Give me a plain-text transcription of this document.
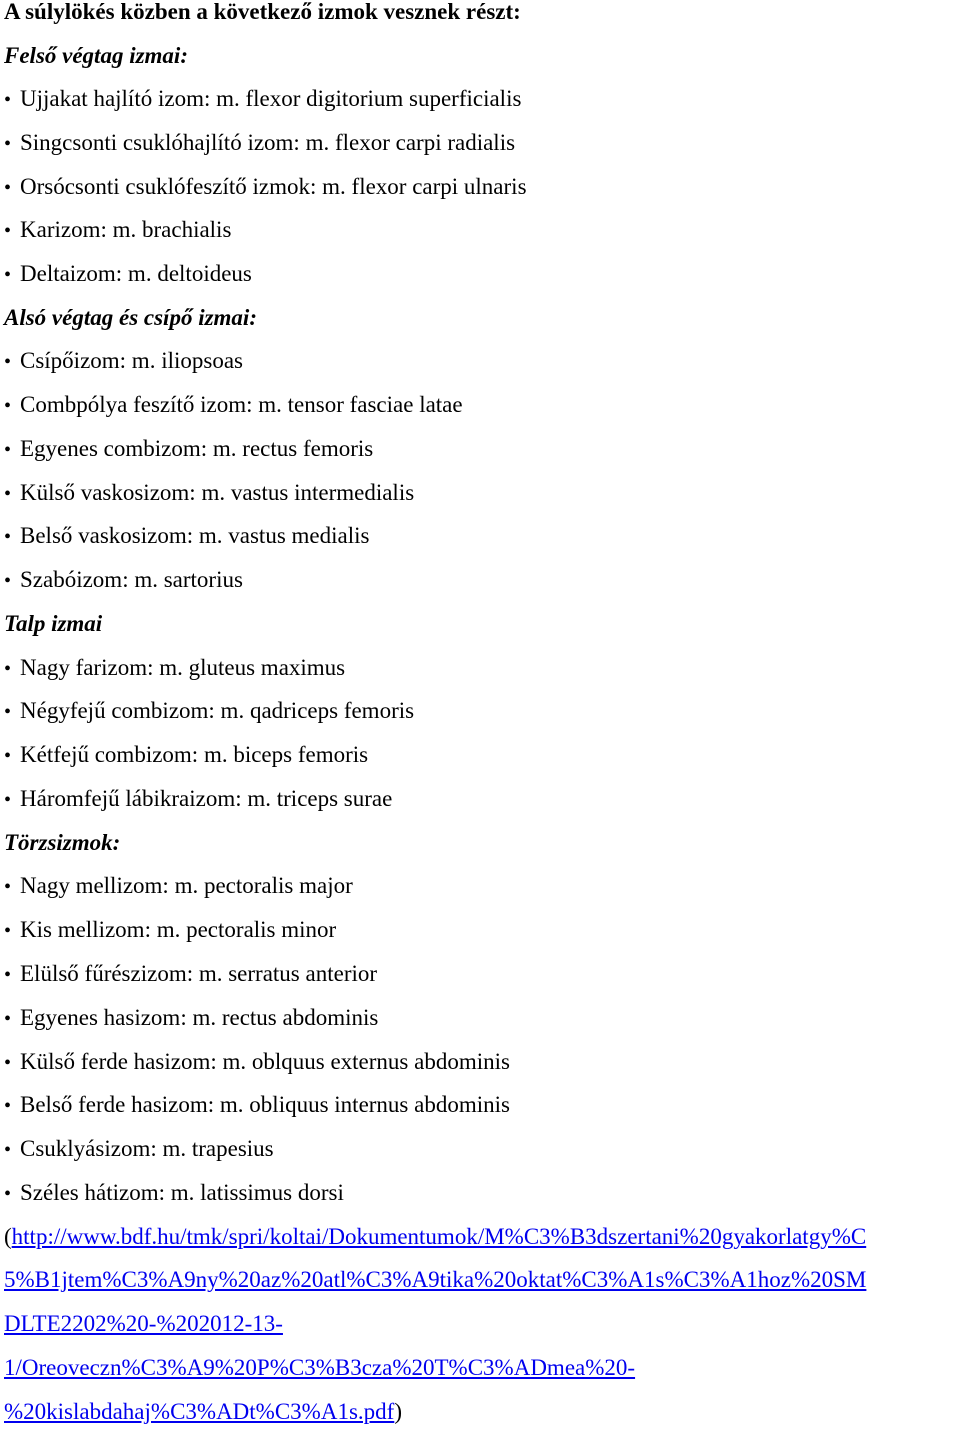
A súlylökés közben a következő izmok vesznek részt:
Felső végtag izmai:
• Ujjakat hajlító izom: m. flexor digitorium superficialis
• Singcsonti csuklóhajlító izom: m. flexor carpi radialis
• Orsócsonti csuklófeszítő izmok: m. flexor carpi ulnaris
• Karizom: m. brachialis
• Deltaizom: m. deltoideus
Alsó végtag és csípő izmai:
• Csípőizom: m. iliopsoas
• Combpólya feszítő izom: m. tensor fasciae latae
• Egyenes combizom: m. rectus femoris
• Külső vaskosizom: m. vastus intermedialis
• Belső vaskosizom: m. vastus medialis
• Szabóizom: m. sartorius
Talp izmai
• Nagy farizom: m. gluteus maximus
• Négyfejű combizom: m. qadriceps femoris
• Kétfejű combizom: m. biceps femoris
• Háromfejű lábikraizom: m. triceps surae
Törzsizmok:
• Nagy mellizom: m. pectoralis major
• Kis mellizom: m. pectoralis minor
• Elülső fűrészizom: m. serratus anterior
• Egyenes hasizom: m. rectus abdominis
• Külső ferde hasizom: m. oblquus externus abdominis
• Belső ferde hasizom: m. obliquus internus abdominis
• Csuklyásizom: m. trapesius
• Széles hátizom: m. latissimus dorsi
(http://www.bdf.hu/tmk/spri/koltai/Dokumentumok/M%C3%B3dszertani%20gyakorlatgy%C
5%B1jtem%C3%A9ny%20az%20atl%C3%A9tika%20oktat%C3%A1s%C3%A1hoz%20SM
DLTE2202%20-%202012-13-
1/Oreoveczn%C3%A9%20P%C3%B3cza%20T%C3%ADmea%20-
%20kislabdahaj%C3%ADt%C3%A1s.pdf)
